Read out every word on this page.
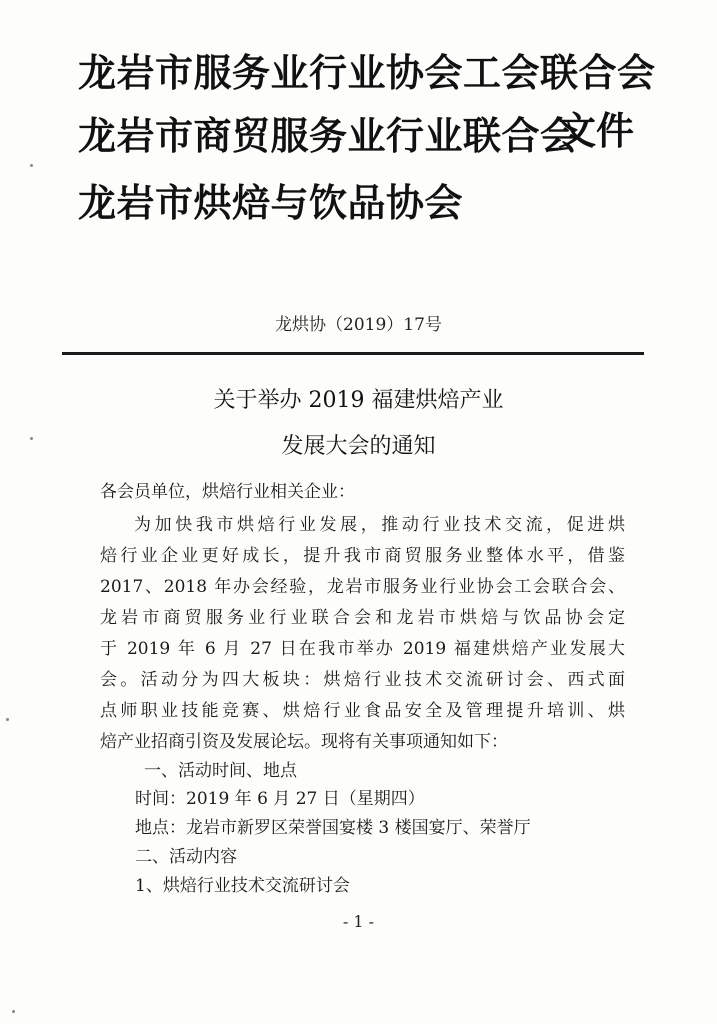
龙岩市服务业行业协会工会联合会
龙岩市商贸服务业行业联合会
龙岩市烘焙与饮品协会
文件
龙烘协（2019）17号
关于举办 2019 福建烘焙产业
发展大会的通知
各会员单位，烘焙行业相关企业：
为加快我市烘焙行业发展，推动行业技术交流，促进烘
焙行业企业更好成长，提升我市商贸服务业整体水平，借鉴
2017、2018 年办会经验，龙岩市服务业行业协会工会联合会、
龙岩市商贸服务业行业联合会和龙岩市烘焙与饮品协会定
于 2019 年 6 月 27 日在我市举办 2019 福建烘焙产业发展大
会。活动分为四大板块：烘焙行业技术交流研讨会、西式面
点师职业技能竞赛、烘焙行业食品安全及管理提升培训、烘
焙产业招商引资及发展论坛。现将有关事项通知如下：
一、活动时间、地点
时间：2019 年 6 月 27 日（星期四）
地点：龙岩市新罗区荣誉国宴楼 3 楼国宴厅、荣誉厅
二、活动内容
1、烘焙行业技术交流研讨会
- 1 -
